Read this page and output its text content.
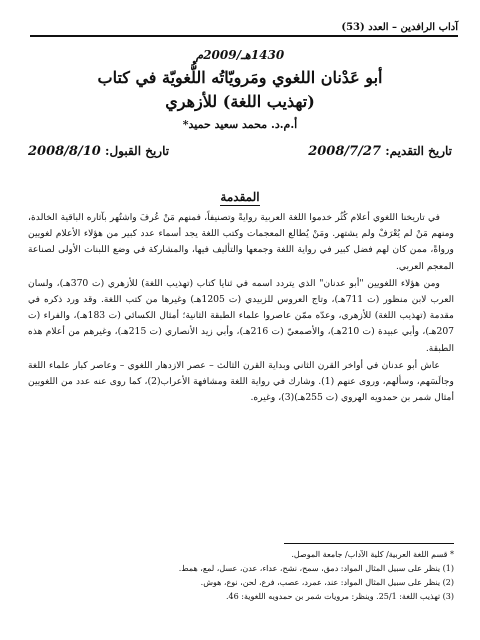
آداب الرافدين – العدد (53)
1430هـ/2009م
أبو عَدْنان اللغوي ومَرويّاتُه اللُّغويّة في كتاب
(تهذيب اللغة) للأزهري
أ.م.د. محمد سعيد حميد*
تاريخ التقديم: 2008/7/27
تاريخ القبول: 2008/8/10
المقدمة

في تاريخنا اللغوي أعلام كُثُر خدموا اللغة العربية روايةً وتصنيفاً، فمنهم مَنْ عُرفَ واشتُهر بآثاره الباقية الخالدة، ومنهم مَنْ لم يُعْرَفْ ولم يشتهر. ومَنْ يُطالع المعجمات وكتب اللغة يجد أسماء عدد كبير من هؤلاء الأعلام لغويين ورواةً، ممن كان لهم فضل كبير في رواية اللغة وجمعها والتأليف فيها، والمشاركة في وضع اللبنات الأولى لصناعة المعجم العربي.

ومن هؤلاء اللغويين "أبو عدنان" الذي يتردد اسمه في ثنايا كتاب (تهذيب اللغة) للأزهري (ت 370هـ)، ولسان العرب لابن منظور (ت 711هـ)، وتاج العروس للزبيدي (ت 1205هـ) وغيرها من كتب اللغة. وقد ورد ذكره في مقدمة (تهذيب اللغة) للأزهري، وعدّه ممّن عاصروا علماء الطبقة الثانية؛ أمثال الكسائي (ت 183هـ)، والفراء (ت 207هـ)، وأبي عبيدة (ت 210هـ)، والأصمعيّ (ت 216هـ)، وأبي زيد الأنصاري (ت 215هـ)، وغيرهم من أعلام هذه الطبقة.

عاش أبو عدنان في أواخر القرن الثاني وبداية القرن الثالث – عصر الازدهار اللغوي – وعاصر كبار علماء اللغة وجالَسَهم، وسألهم، وروى عنهم (1). وشارك في رواية اللغة ومشافهة الأعراب(2)، كما روى عنه عدد من اللغويين أمثال شمر بن حمدويه الهروي (ت 255هـ)(3)، وغيره.

* قسم اللغة العربية/ كلية الآداب/ جامعة الموصل.
(1) ينظر على سبيل المثال المواد: دمق، سمح، نشح، عداء، عدن، عسل، لمع، همط.
(2) ينظر على سبيل المثال المواد: عند، عمرد، عصب، فرع، لحن، نوع، هوش.
(3) تهذيب اللغة: 25/1. وينظر: مرويات شمر بن حمدويه اللغوية: 46.
